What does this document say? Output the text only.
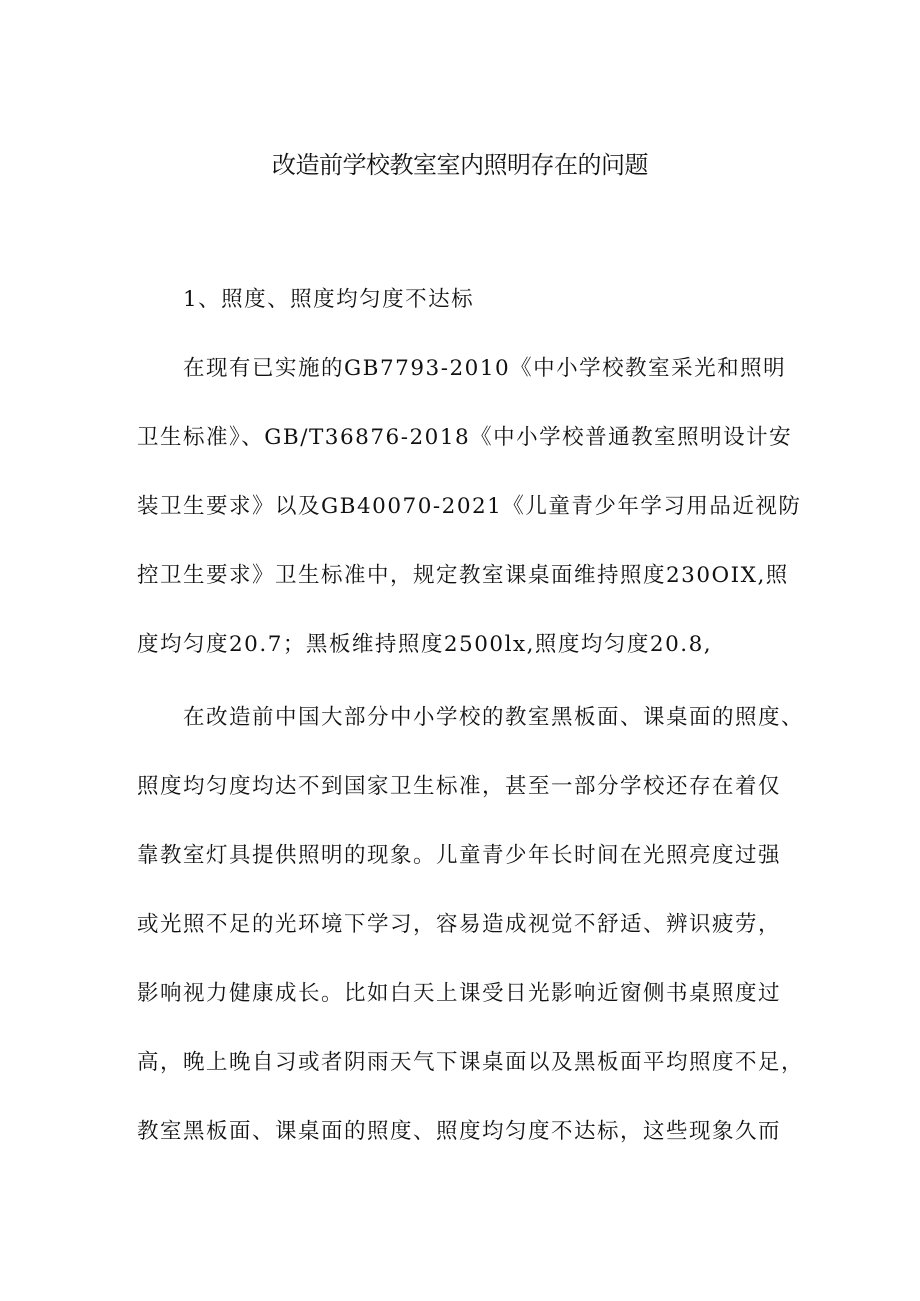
改造前学校教室室内照明存在的问题
1、照度、照度均匀度不达标
在现有已实施的GB7793-2010《中小学校教室采光和照明
卫生标准》、GB/T36876-2018《中小学校普通教室照明设计安
装卫生要求》以及GB40070-2021《儿童青少年学习用品近视防
控卫生要求》卫生标准中，规定教室课桌面维持照度230OIX,照
度均匀度20.7；黑板维持照度2500lx,照度均匀度20.8,
在改造前中国大部分中小学校的教室黑板面、课桌面的照度、
照度均匀度均达不到国家卫生标准，甚至一部分学校还存在着仅
靠教室灯具提供照明的现象。儿童青少年长时间在光照亮度过强
或光照不足的光环境下学习，容易造成视觉不舒适、辨识疲劳，
影响视力健康成长。比如白天上课受日光影响近窗侧书桌照度过
高，晚上晚自习或者阴雨天气下课桌面以及黑板面平均照度不足，
教室黑板面、课桌面的照度、照度均匀度不达标，这些现象久而
